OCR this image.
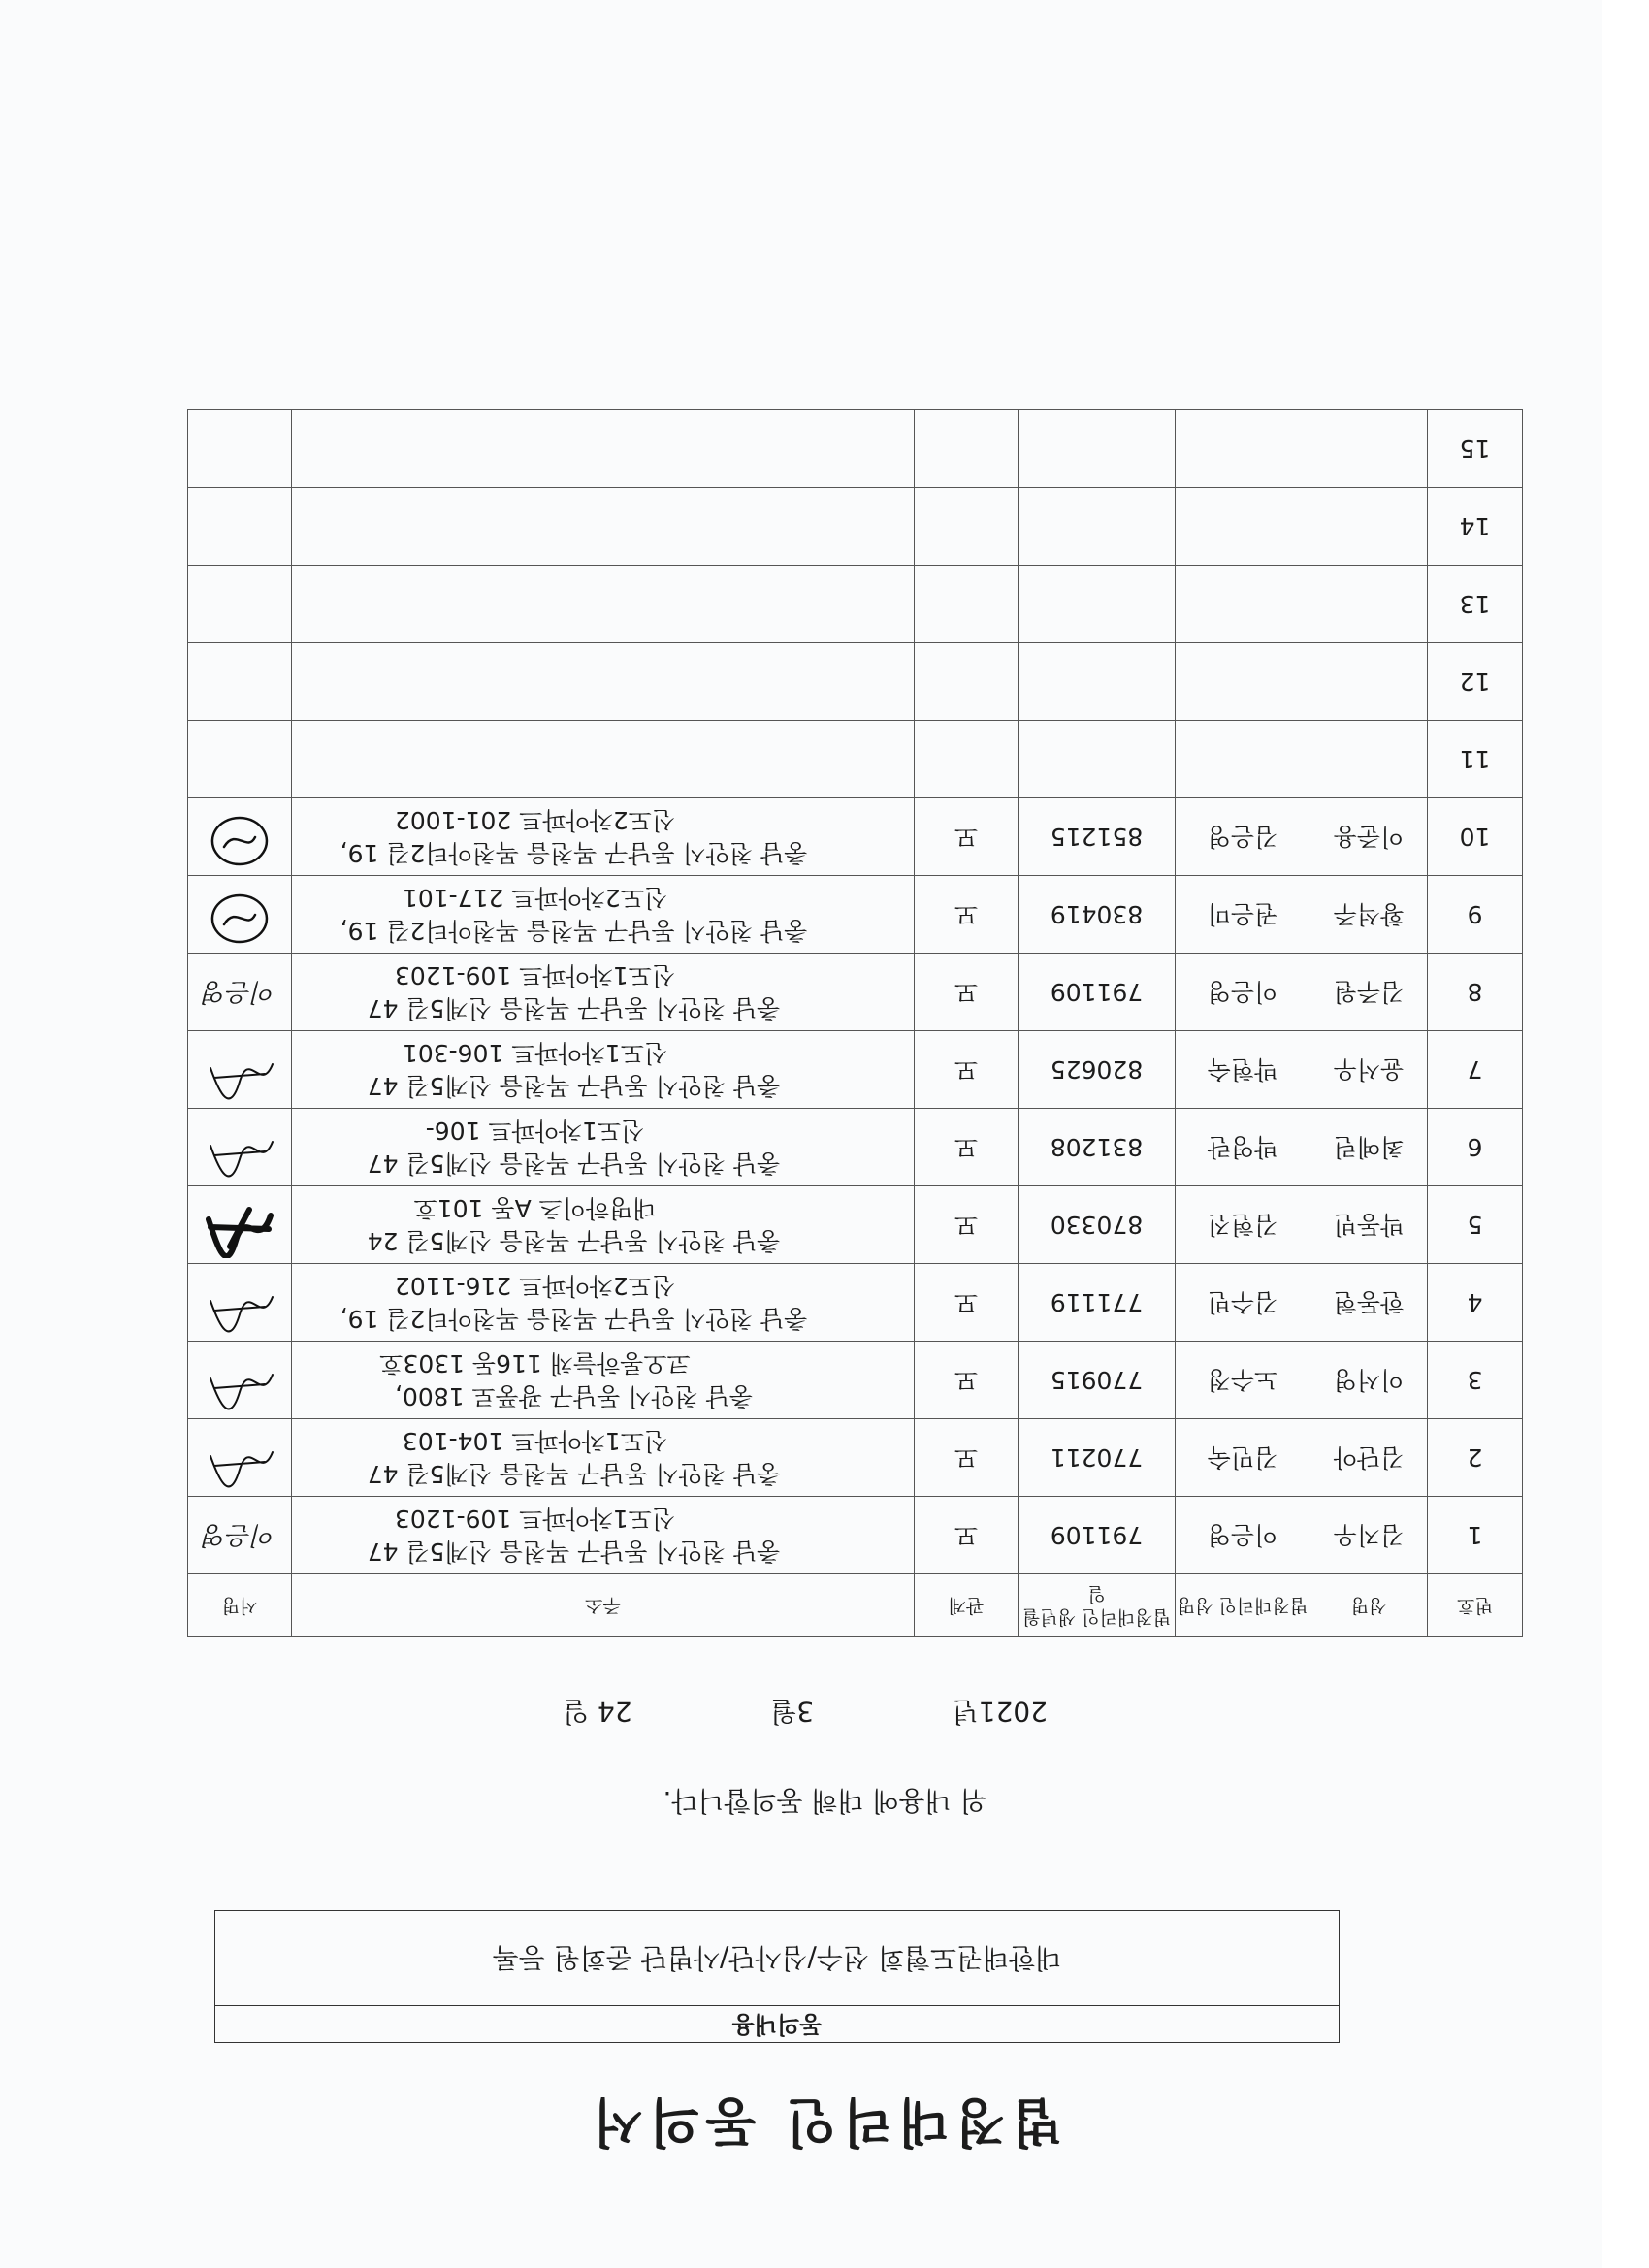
법정대리인 동의서
동의내용
대한태권도협회 선수/심사단/사범단 준회원 등록
위 내용에 대해 동의합니다.
2021년
3월
24 일
번호	성명	법정대리인 성명	법정대리인 생년월일	관계	주소	서명
1	김지우	이은영	791109	모	충남 천안시 동남구 목천읍 신계5길 47
신도1차아파트 109-1203	이은영
2	김단아	김민숙	770211	모	충남 천안시 동남구 목천읍 신계5길 47
신도1차아파트 104-103

3	이서영	노수정	770915	모	충남 천안시 동남구 광풍로 1800,
코오롱하늘채 116동 1303호

4	한동현	김수빈	771119	모	충남 천안시 동남구 목천읍 목천아티2길 19,
신도2차아파트 216-1102

5	박동빈	김현진	870330	모	충남 천안시 동남구 목천읍 신계5길 24
대명하이츠 A동 101호

6	최예린	박영란	831208	모	충남 천안시 동남구 목천읍 신계5길 47
신도1차아파트 106-

7	윤서우	박현숙	820625	모	충남 천안시 동남구 목천읍 신계5길 47
신도1차아파트 106-301

8	김주원	이은영	791109	모	충남 천안시 동남구 목천읍 신계5길 47
신도1차아파트 109-1203	이은영
9	황석주	권은미	830419	모	충남 천안시 동남구 목천읍 목천아티2길 19,
신도2차아파트 217-101

10	이준용	김은영	851215	모	충남 천안시 동남구 목천읍 목천아티2길 19,
신도2차아파트 201-1002

11					

12					

13					

14					

15					
